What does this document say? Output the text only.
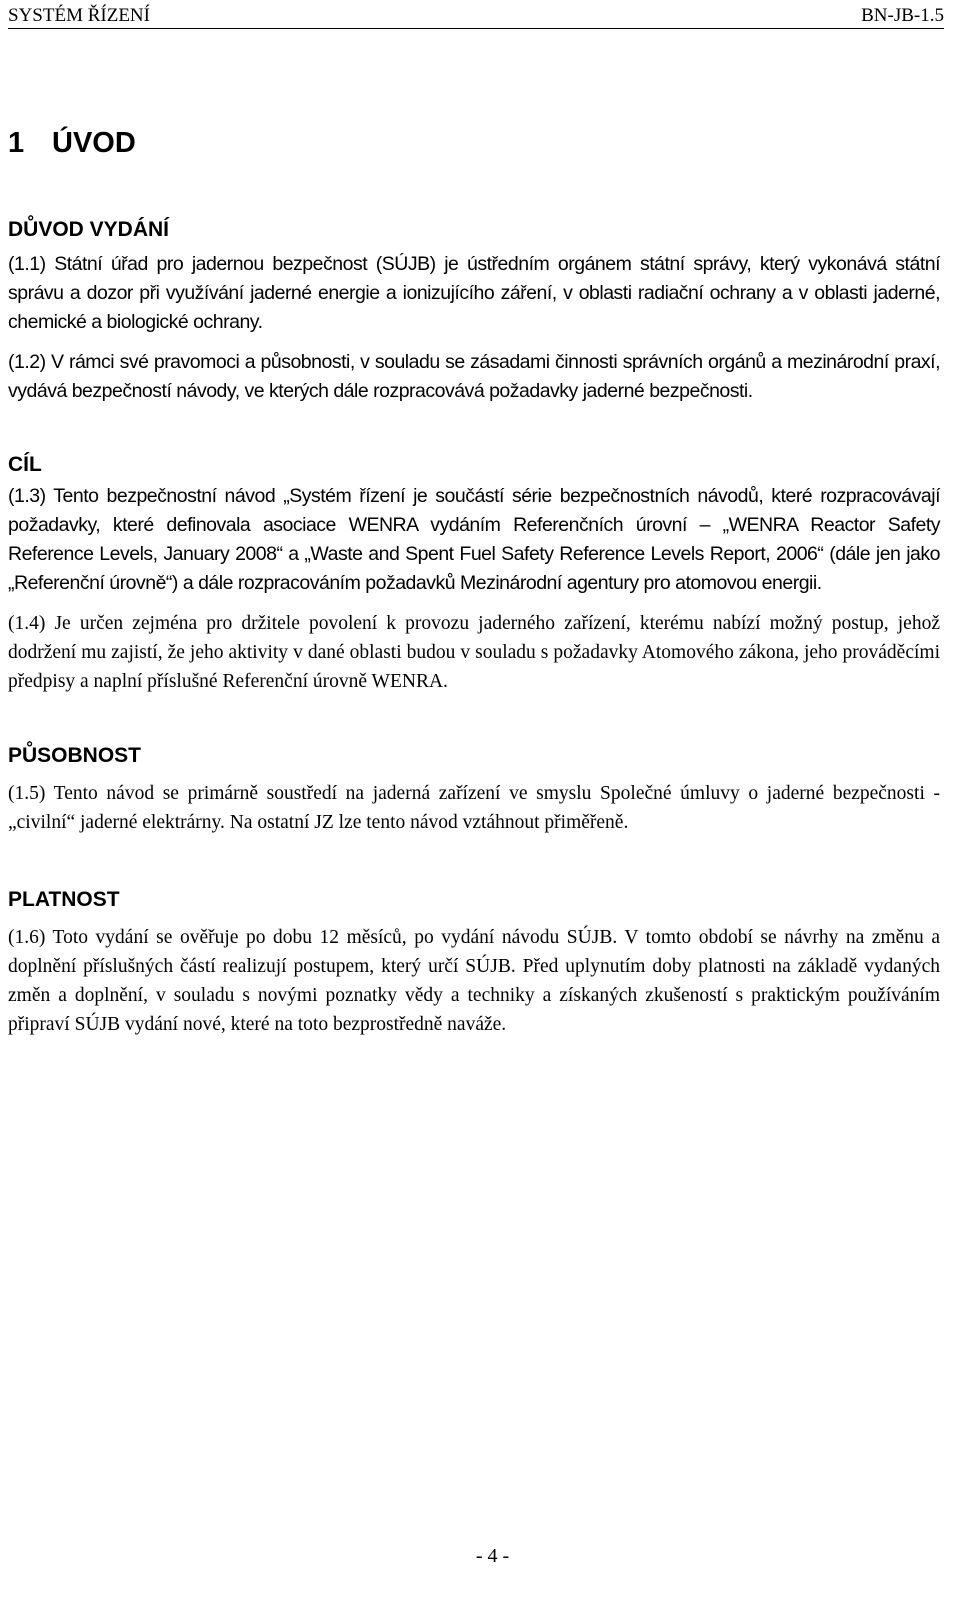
SYSTÉM ŘÍZENÍ	BN-JB-1.5
1 ÚVOD
DŮVOD VYDÁNÍ

(1.1) Státní úřad pro jadernou bezpečnost (SÚJB) je ústředním orgánem státní správy, který vykonává státní správu a dozor při využívání jaderné energie a ionizujícího záření, v oblasti radiační ochrany a v oblasti jaderné, chemické a biologické ochrany.

(1.2) V rámci své pravomoci a působnosti, v souladu se zásadami činnosti správních orgánů a mezinárodní praxí, vydává bezpečností návody, ve kterých dále rozpracovává požadavky jaderné bezpečnosti.

CÍL

(1.3) Tento bezpečnostní návod „Systém řízení je součástí série bezpečnostních návodů, které rozpracovávají požadavky, které definovala asociace WENRA vydáním Referenčních úrovní – „WENRA Reactor Safety Reference Levels, January 2008“ a „Waste and Spent Fuel Safety Reference Levels Report, 2006“ (dále jen jako „Referenční úrovně“) a dále rozpracováním požadavků Mezinárodní agentury pro atomovou energii.

(1.4) Je určen zejména pro držitele povolení k provozu jaderného zařízení, kterému nabízí možný postup, jehož dodržení mu zajistí, že jeho aktivity v dané oblasti budou v souladu s požadavky Atomového zákona, jeho prováděcími předpisy a naplní příslušné Referenční úrovně WENRA.

PŮSOBNOST

(1.5) Tento návod se primárně soustředí na jaderná zařízení ve smyslu Společné úmluvy o jaderné bezpečnosti - „civilní“ jaderné elektrárny. Na ostatní JZ lze tento návod vztáhnout přiměřeně.

PLATNOST

(1.6) Toto vydání se ověřuje po dobu 12 měsíců, po vydání návodu SÚJB. V tomto období se návrhy na změnu a doplnění příslušných částí realizují postupem, který určí SÚJB. Před uplynutím doby platnosti na základě vydaných změn a doplnění, v souladu s novými poznatky vědy a techniky a získaných zkušeností s praktickým používáním připraví SÚJB vydání nové, které na toto bezprostředně naváže.

- 4 -
